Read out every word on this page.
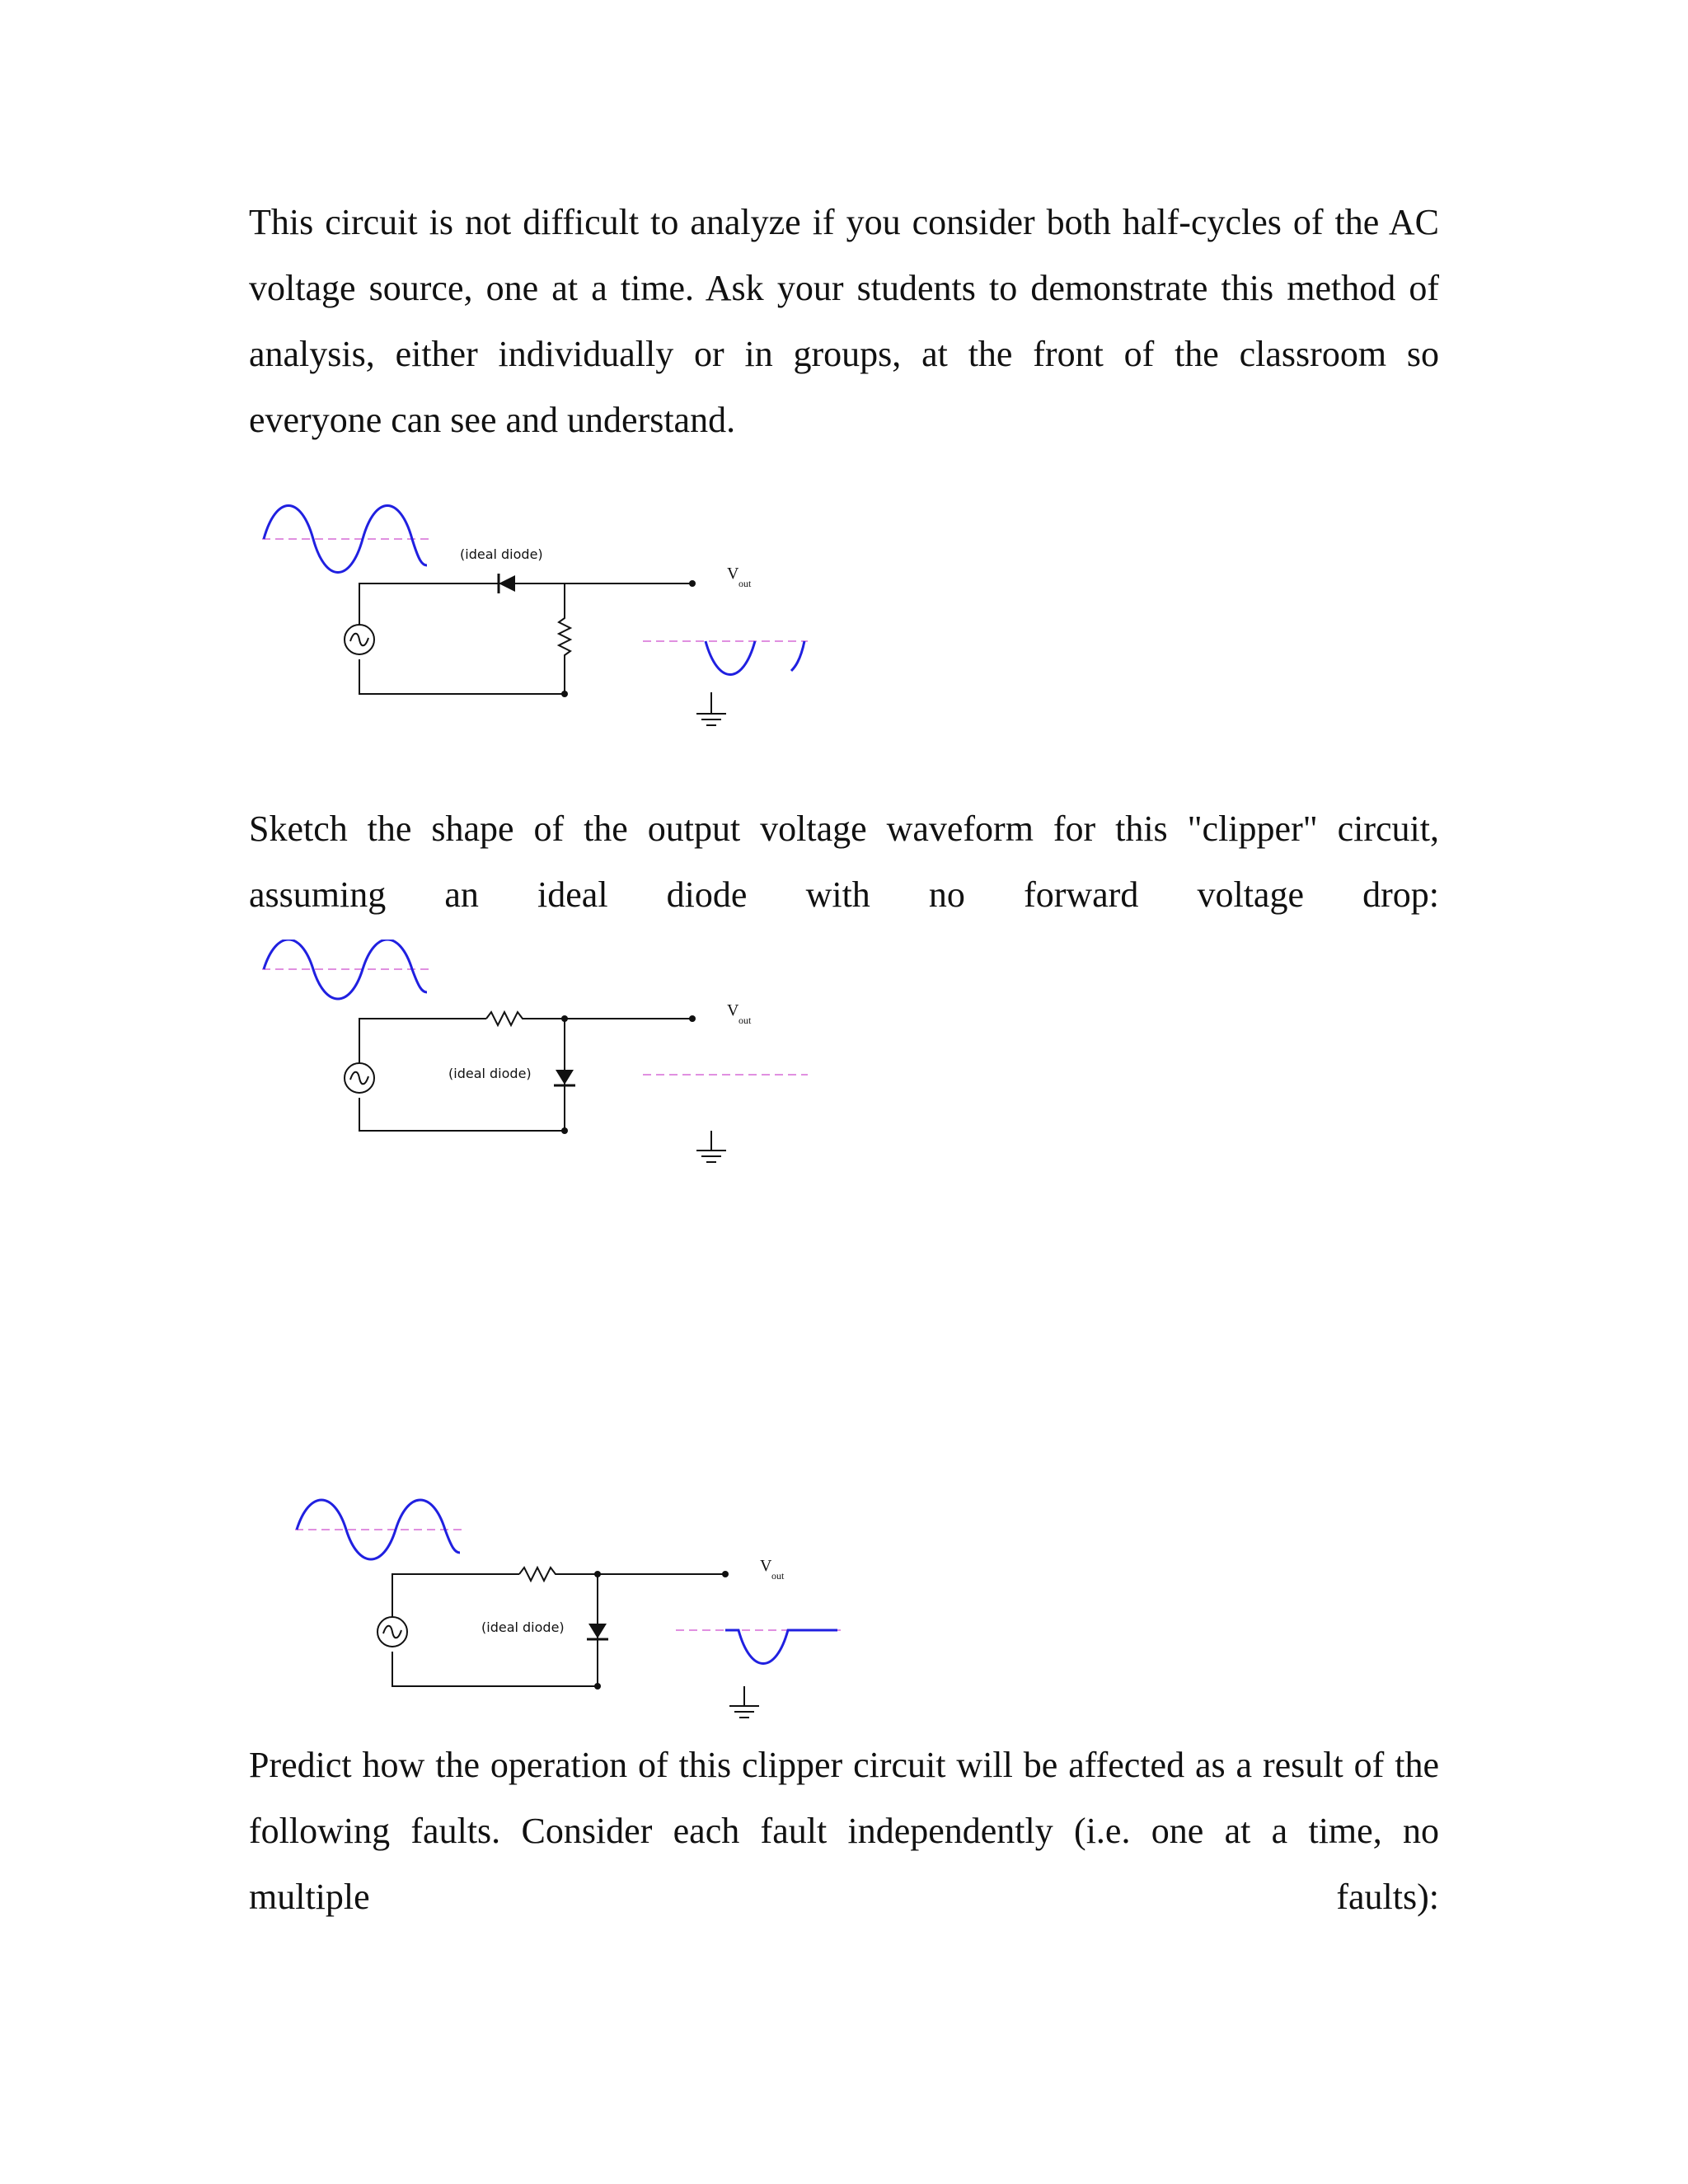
This circuit is not difficult to analyze if you consider both half-cycles of the AC voltage source, one at a time. Ask your students to demonstrate this method of analysis, either individually or in groups, at the front of the classroom so everyone can see and understand.

(ideal diode)
V
out

Sketch the shape of the output voltage waveform for this "clipper" circuit, assuming an ideal diode with no forward voltage drop:

(ideal diode)
V
out
(ideal diode)
V
out

Predict how the operation of this clipper circuit will be affected as a result of the following faults. Consider each fault independently (i.e. one at a time, no multiple faults):
